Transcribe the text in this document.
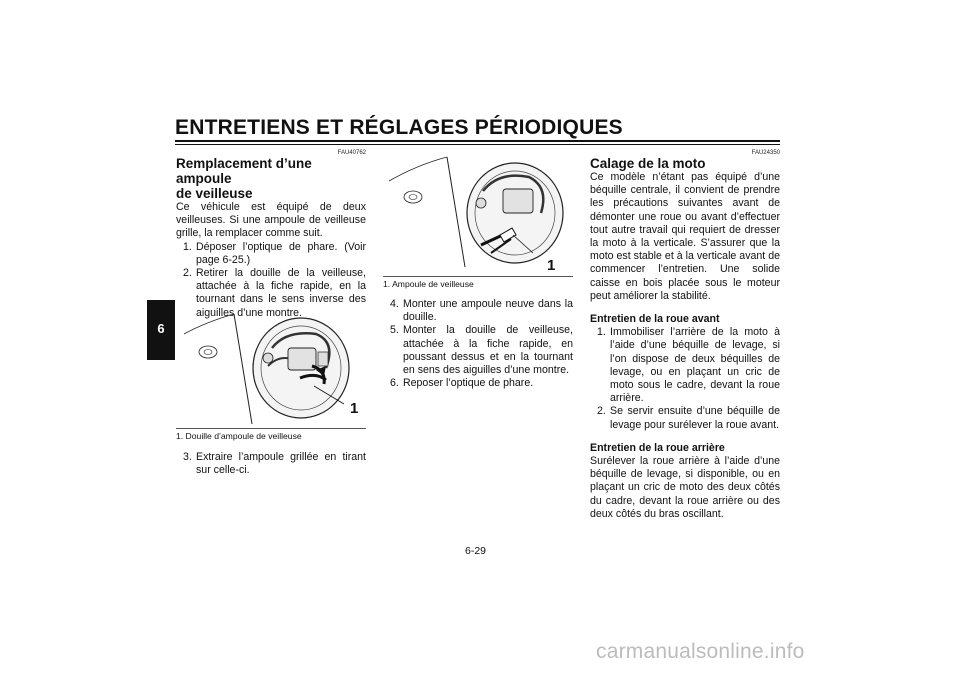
ENTRETIENS ET RÉGLAGES PÉRIODIQUES
6
FAU40762
Remplacement d’une ampoule
de veilleuse
Ce véhicule est équipé de deux veilleuses. Si une ampoule de veilleuse grille, la remplacer comme suit.
1. Déposer l’optique de phare. (Voir page 6-25.)
2. Retirer la douille de la veilleuse, attachée à la fiche rapide, en la tournant dans le sens inverse des aiguilles d’une montre.
1
1. Douille d’ampoule de veilleuse
3. Extraire l’ampoule grillée en tirant sur celle-ci.
1
1. Ampoule de veilleuse
4. Monter une ampoule neuve dans la douille.
5. Monter la douille de veilleuse, attachée à la fiche rapide, en poussant dessus et en la tournant en sens des aiguilles d’une montre.
6. Reposer l’optique de phare.
FAU24350
Calage de la moto
Ce modèle n’étant pas équipé d’une béquille centrale, il convient de prendre les précautions suivantes avant de démonter une roue ou avant d’effectuer tout autre travail qui requiert de dresser la moto à la verticale. S’assurer que la moto est stable et à la verticale avant de commencer l’entretien. Une solide caisse en bois placée sous le moteur peut améliorer la stabilité.
Entretien de la roue avant
1. Immobiliser l’arrière de la moto à l’aide d’une béquille de levage, si l’on dispose de deux béquilles de levage, ou en plaçant un cric de moto sous le cadre, devant la roue arrière.
2. Se servir ensuite d’une béquille de levage pour surélever la roue avant.
Entretien de la roue arrière
Surélever la roue arrière à l’aide d’une béquille de levage, si disponible, ou en plaçant un cric de moto des deux côtés du cadre, devant la roue arrière ou des deux côtés du bras oscillant.
6-29
carmanualsonline.info
